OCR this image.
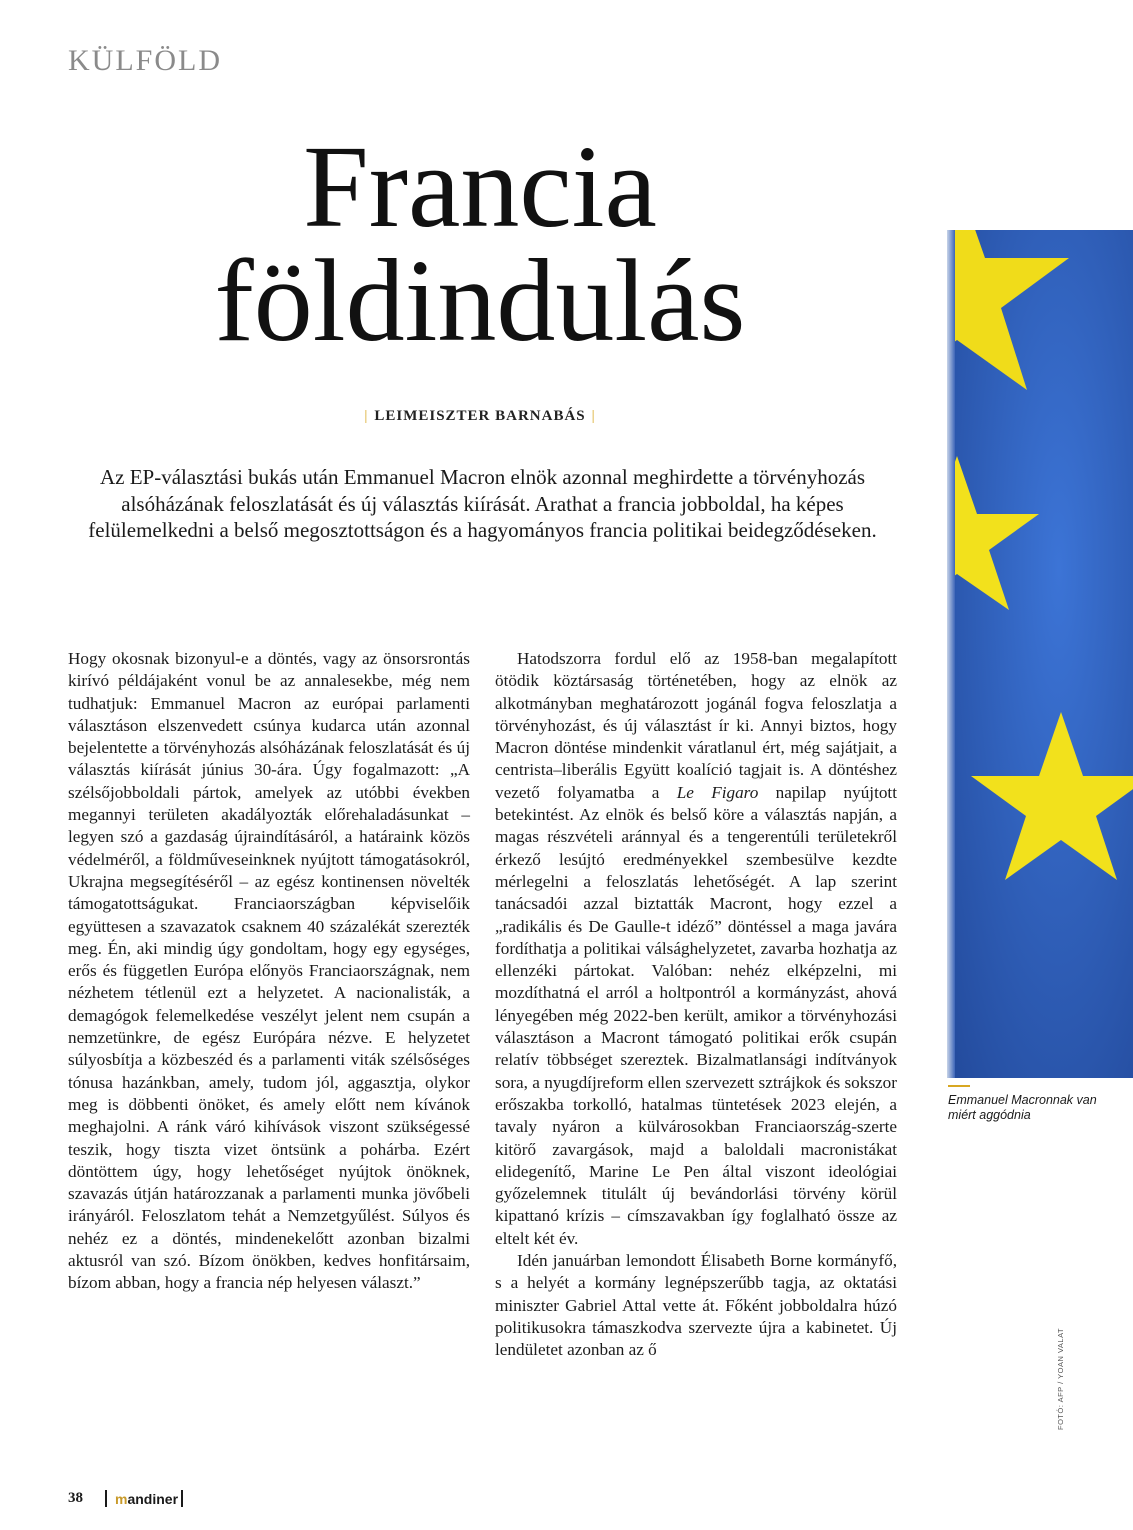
KÜLFÖLD
Francia
földindulás
| LEIMEISZTER BARNABÁS |

Az EP-választási bukás után Emmanuel Macron elnök azonnal meghirdette a törvényhozás alsóházának feloszlatását és új választás kiírását. Arathat a francia jobboldal, ha képes felülemelkedni a belső megosztottságon és a hagyományos francia politikai beidegződéseken.

Hogy okosnak bizonyul-e a döntés, vagy az önsorsrontás kirívó példájaként vonul be az annalesekbe, még nem tudhatjuk: Emmanuel Macron az európai parlamenti választáson elszenvedett csúnya kudarca után azonnal bejelentette a törvényhozás alsóházának feloszlatását és új választás kiírását június 30-ára. Úgy fogalmazott: „A szélsőjobboldali pártok, amelyek az utóbbi években megannyi területen akadályozták előrehaladásunkat – legyen szó a gazdaság újraindításáról, a határaink közös védelméről, a földműveseinknek nyújtott támogatásokról, Ukrajna megsegítéséről – az egész kontinensen növelték támogatottságukat. Franciaországban képviselőik együttesen a szavazatok csaknem 40 százalékát szerezték meg. Én, aki mindig úgy gondoltam, hogy egy egységes, erős és független Európa előnyös Franciaországnak, nem nézhetem tétlenül ezt a helyzetet. A nacionalisták, a demagógok felemelkedése veszélyt jelent nem csupán a nemzetünkre, de egész Európára nézve. E helyzetet súlyosbítja a közbeszéd és a parlamenti viták szélsőséges tónusa hazánkban, amely, tudom jól, aggasztja, olykor meg is döbbenti önöket, és amely előtt nem kívánok meghajolni. A ránk váró kihívások viszont szükségessé teszik, hogy tiszta vizet öntsünk a pohárba. Ezért döntöttem úgy, hogy lehetőséget nyújtok önöknek, szavazás útján határozzanak a parlamenti munka jövőbeli irányáról. Feloszlatom tehát a Nemzetgyűlést. Súlyos és nehéz ez a döntés, mindenekelőtt azonban bizalmi aktusról van szó. Bízom önökben, kedves honfitársaim, bízom abban, hogy a francia nép helyesen választ.”

Hatodszorra fordul elő az 1958-ban megalapított ötödik köztársaság történetében, hogy az elnök az alkotmányban meghatározott jogánál fogva feloszlatja a törvényhozást, és új választást ír ki. Annyi biztos, hogy Macron döntése mindenkit váratlanul ért, még sajátjait, a centrista–liberális Együtt koalíció tagjait is. A döntéshez vezető folyamatba a Le Figaro napilap nyújtott betekintést. Az elnök és belső köre a választás napján, a magas részvételi aránnyal és a tengerentúli területekről érkező lesújtó eredményekkel szembesülve kezdte mérlegelni a feloszlatás lehetőségét. A lap szerint tanácsadói azzal biztatták Macront, hogy ezzel a „radikális és De Gaulle-t idéző” döntéssel a maga javára fordíthatja a politikai válsághelyzetet, zavarba hozhatja az ellenzéki pártokat. Valóban: nehéz elképzelni, mi mozdíthatná el arról a holtpontról a kormányzást, ahová lényegében még 2022-ben került, amikor a törvényhozási választáson a Macront támogató politikai erők csupán relatív többséget szereztek. Bizalmatlansági indítványok sora, a nyugdíjreform ellen szervezett sztrájkok és sokszor erőszakba torkolló, hatalmas tüntetések 2023 elején, a tavaly nyáron a külvárosokban Franciaország-szerte kitörő zavargások, majd a baloldali macronistákat elidegenítő, Marine Le Pen által viszont ideológiai győzelemnek titulált új bevándorlási törvény körül kipattanó krízis – címszavakban így foglalható össze az eltelt két év.

Idén januárban lemondott Élisabeth Borne kormányfő, s a helyét a kormány legnépszerűbb tagja, az oktatási miniszter Gabriel Attal vette át. Főként jobboldalra húzó politikusokra támaszkodva szervezte újra a kabinetet. Új lendületet azonban az ő

Emmanuel Macronnak van miért aggódnia
FOTÓ: AFP / YOAN VALAT
38 mandiner
